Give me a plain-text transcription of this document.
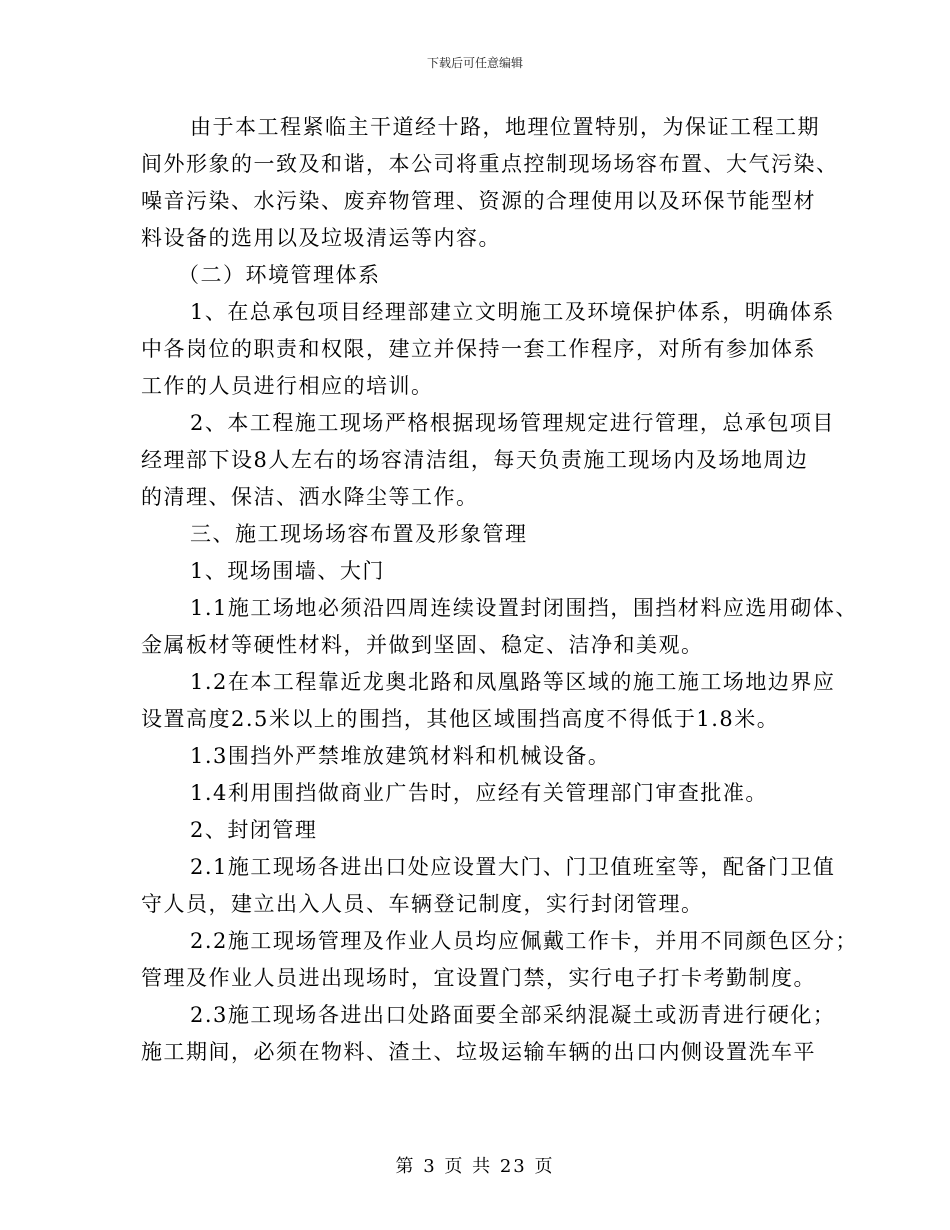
下载后可任意编辑
由于本工程紧临主干道经十路，地理位置特别，为保证工程工期
间外形象的一致及和谐，本公司将重点控制现场场容布置、大气污染、
噪音污染、水污染、废弃物管理、资源的合理使用以及环保节能型材
料设备的选用以及垃圾清运等内容。
（二）环境管理体系
1、在总承包项目经理部建立文明施工及环境保护体系，明确体系
中各岗位的职责和权限，建立并保持一套工作程序，对所有参加体系
工作的人员进行相应的培训。
2、本工程施工现场严格根据现场管理规定进行管理，总承包项目
经理部下设8人左右的场容清洁组，每天负责施工现场内及场地周边
的清理、保洁、洒水降尘等工作。
三、施工现场场容布置及形象管理
1、现场围墙、大门
1.1施工场地必须沿四周连续设置封闭围挡，围挡材料应选用砌体、
金属板材等硬性材料，并做到坚固、稳定、洁净和美观。
1.2在本工程靠近龙奥北路和凤凰路等区域的施工施工场地边界应
设置高度2.5米以上的围挡，其他区域围挡高度不得低于1.8米。
1.3围挡外严禁堆放建筑材料和机械设备。
1.4利用围挡做商业广告时，应经有关管理部门审查批准。
2、封闭管理
2.1施工现场各进出口处应设置大门、门卫值班室等，配备门卫值
守人员，建立出入人员、车辆登记制度，实行封闭管理。
2.2施工现场管理及作业人员均应佩戴工作卡，并用不同颜色区分；
管理及作业人员进出现场时，宜设置门禁，实行电子打卡考勤制度。
2.3施工现场各进出口处路面要全部采纳混凝土或沥青进行硬化；
施工期间，必须在物料、渣土、垃圾运输车辆的出口内侧设置洗车平
第 3 页 共 23 页
